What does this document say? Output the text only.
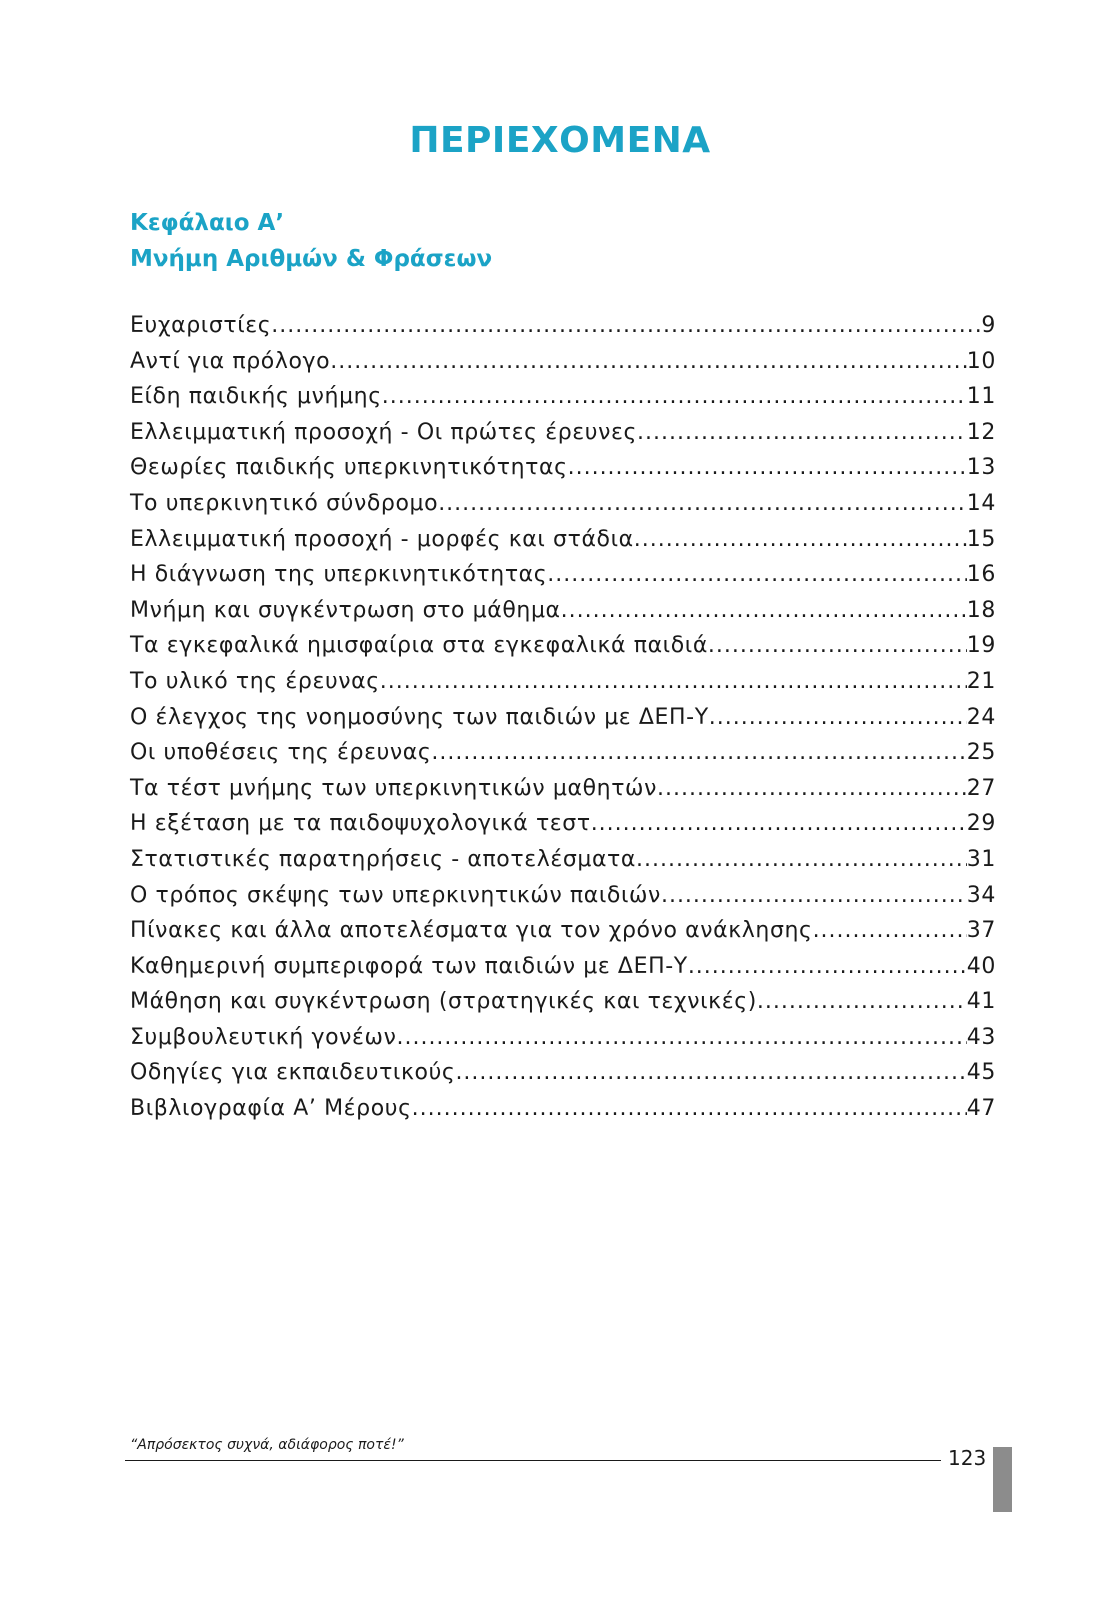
ΠΕΡΙΕΧΟΜΕΝΑ
Κεφάλαιο Α’
Μνήμη Αριθμών & Φράσεων
Ευχαριστίες .....	9
Αντί για πρόλογο .....	10
Είδη παιδικής μνήμης .....	11
Ελλειμματική προσοχή - Οι πρώτες έρευνες .....	12
Θεωρίες παιδικής υπερκινητικότητας .....	13
Το υπερκινητικό σύνδρομο .....	14
Ελλειμματική προσοχή - μορφές και στάδια .....	15
Η διάγνωση της υπερκινητικότητας .....	16
Μνήμη και συγκέντρωση στο μάθημα .....	18
Τα εγκεφαλικά ημισφαίρια στα εγκεφαλικά παιδιά .....	19
Το υλικό της έρευνας .....	21
Ο έλεγχος της νοημοσύνης των παιδιών με ΔΕΠ-Υ .....	24
Οι υποθέσεις της έρευνας .....	25
Τα τέστ μνήμης των υπερκινητικών μαθητών .....	27
Η εξέταση με τα παιδοψυχολογικά τεστ .....	29
Στατιστικές παρατηρήσεις - αποτελέσματα .....	31
Ο τρόπος σκέψης των υπερκινητικών παιδιών .....	34
Πίνακες και άλλα αποτελέσματα για τον χρόνο ανάκλησης .....	37
Καθημερινή συμπεριφορά των παιδιών με ΔΕΠ-Υ .....	40
Μάθηση και συγκέντρωση (στρατηγικές και τεχνικές) .....	41
Συμβουλευτική γονέων .....	43
Οδηγίες για εκπαιδευτικούς .....	45
Βιβλιογραφία Α’ Μέρους .....	47
“Απρόσεκτος συχνά, αδιάφορος ποτέ!”
123
